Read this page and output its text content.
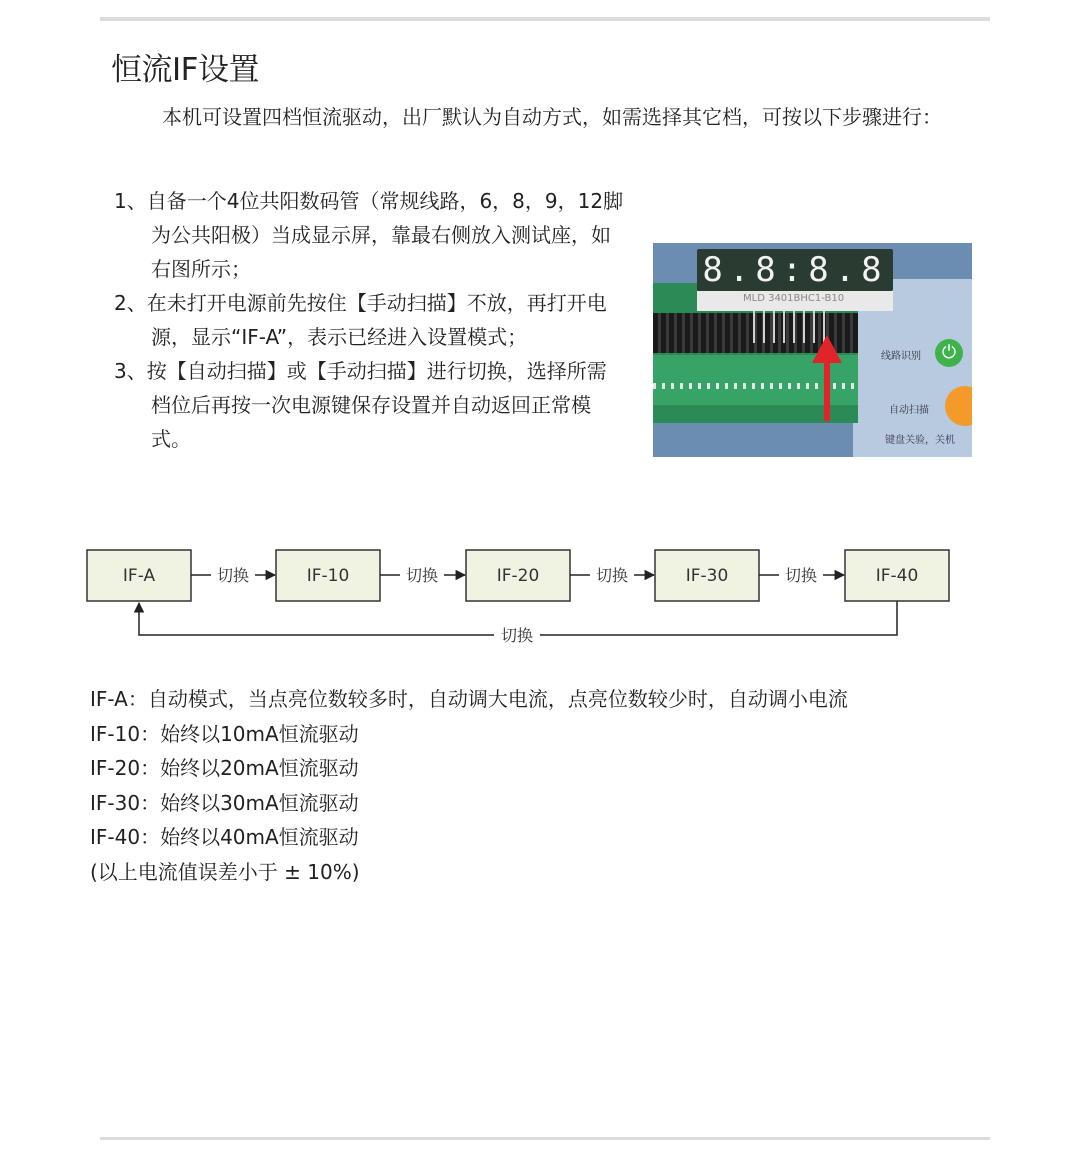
恒流IF设置

本机可设置四档恒流驱动，出厂默认为自动方式，如需选择其它档，可按以下步骤进行：

1、自备一个4位共阳数码管（常规线路，6，8，9，12脚为公共阳极）当成显示屏，靠最右侧放入测试座，如右图所示；
2、在未打开电源前先按住【手动扫描】不放，再打开电源，显示“IF-A”，表示已经进入设置模式；
3、按【自动扫描】或【手动扫描】进行切换，选择所需档位后再按一次电源键保存设置并自动返回正常模式。
8.8:8.8
MLD 3401BHC1-B10
线路识别	⏻
自动扫描
键盘关验，关机
IF-A	IF-10	IF-20	IF-30	IF-40
切换	切换	切换	切换
切换
IF-A：自动模式，当点亮位数较多时，自动调大电流，点亮位数较少时，自动调小电流
IF-10：始终以10mA恒流驱动
IF-20：始终以20mA恒流驱动
IF-30：始终以30mA恒流驱动
IF-40：始终以40mA恒流驱动
(以上电流值误差小于 ± 10%)
